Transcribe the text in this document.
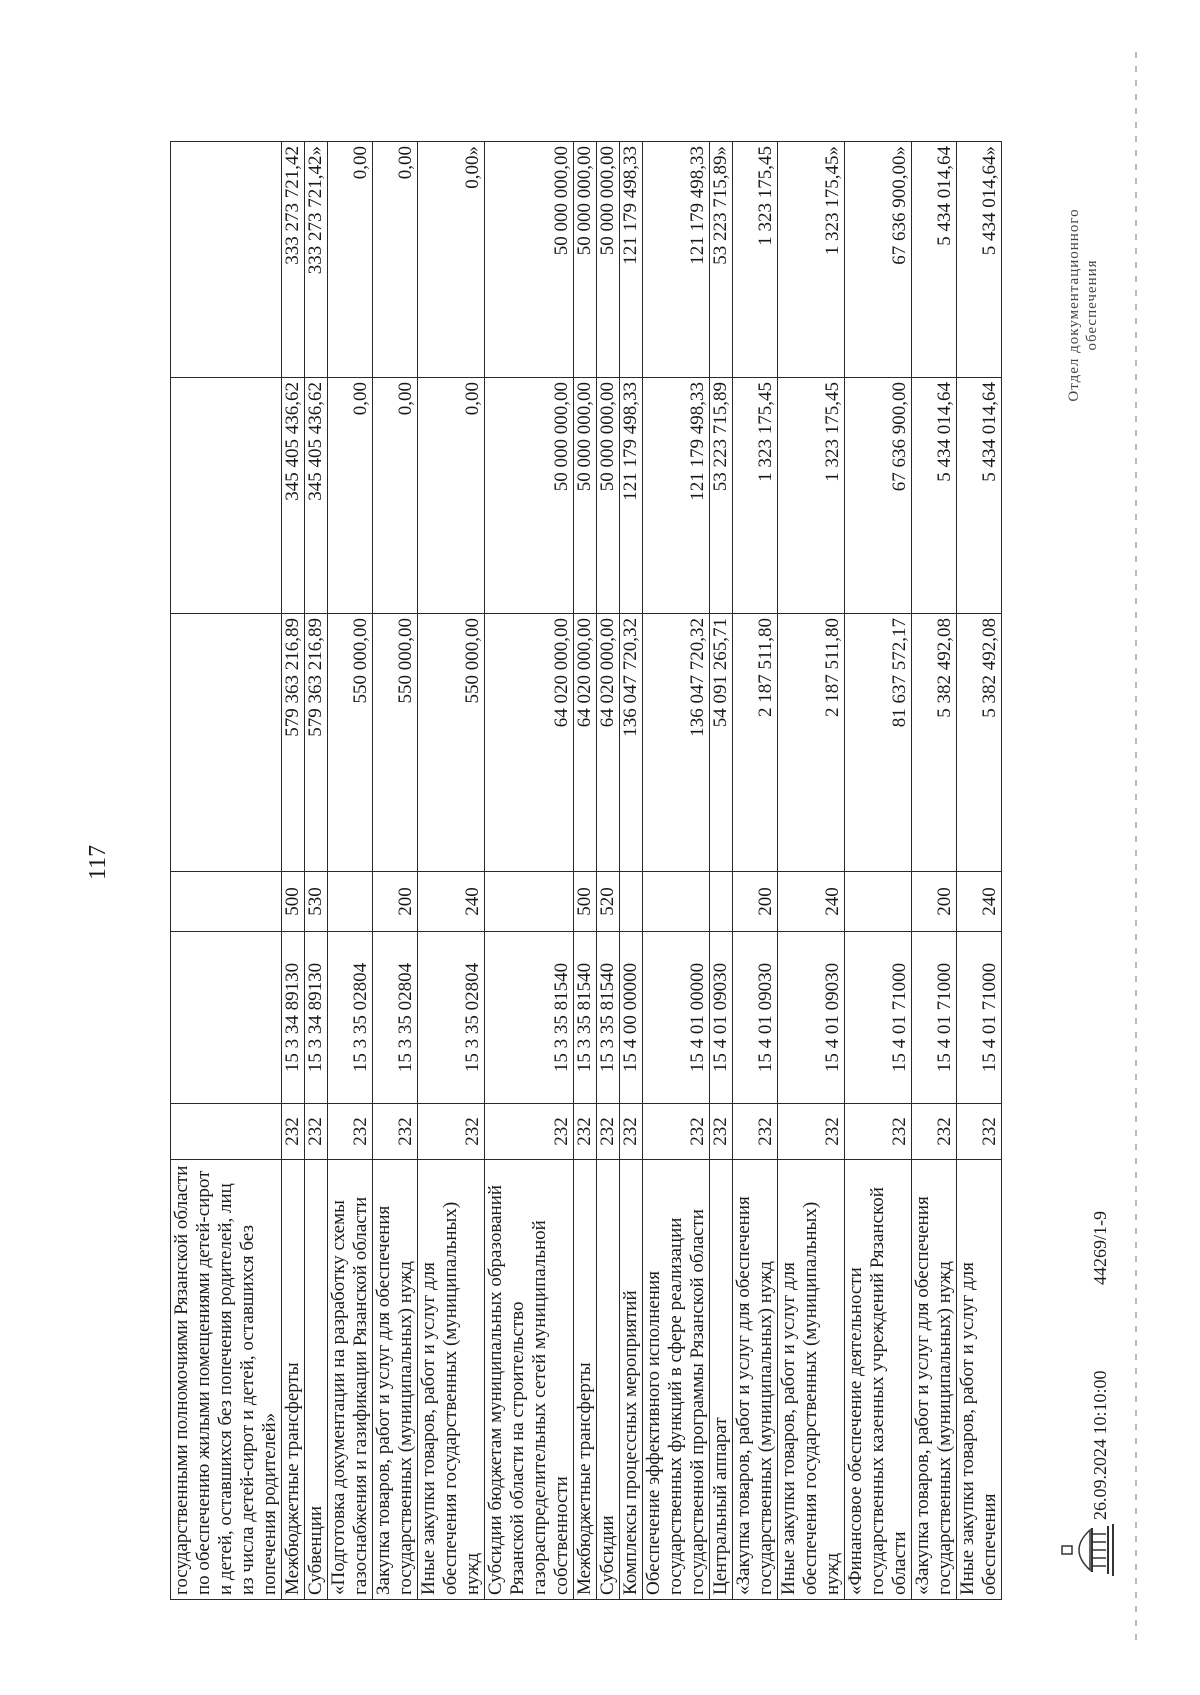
117
государственными полномочиями Рязанской области по обеспечению жилыми помещениями детей-сирот и детей, оставшихся без попечения родителей, лиц из числа детей-сирот и детей, оставшихся без попечения родителей»						
Межбюджетные трансферты	232	15 3 34 89130	500	579 363 216,89	345 405 436,62	333 273 721,42
Субвенции	232	15 3 34 89130	530	579 363 216,89	345 405 436,62	333 273 721,42»
«Подготовка документации на разработку схемы газоснабжения и газификации Рязанской области	232	15 3 35 02804		550 000,00	0,00	0,00
Закупка товаров, работ и услуг для обеспечения государственных (муниципальных) нужд	232	15 3 35 02804	200	550 000,00	0,00	0,00
Иные закупки товаров, работ и услуг для обеспечения государственных (муниципальных) нужд	232	15 3 35 02804	240	550 000,00	0,00	0,00»
Субсидии бюджетам муниципальных образований Рязанской области на строительство газораспределительных сетей муниципальной собственности	232	15 3 35 81540		64 020 000,00	50 000 000,00	50 000 000,00
Межбюджетные трансферты	232	15 3 35 81540	500	64 020 000,00	50 000 000,00	50 000 000,00
Субсидии	232	15 3 35 81540	520	64 020 000,00	50 000 000,00	50 000 000,00
Комплексы процессных мероприятий	232	15 4 00 00000		136 047 720,32	121 179 498,33	121 179 498,33
Обеспечение эффективного исполнения государственных функций в сфере реализации государственной программы Рязанской области	232	15 4 01 00000		136 047 720,32	121 179 498,33	121 179 498,33
Центральный аппарат	232	15 4 01 09030		54 091 265,71	53 223 715,89	53 223 715,89»
«Закупка товаров, работ и услуг для обеспечения государственных (муниципальных) нужд	232	15 4 01 09030	200	2 187 511,80	1 323 175,45	1 323 175,45
Иные закупки товаров, работ и услуг для обеспечения государственных (муниципальных) нужд	232	15 4 01 09030	240	2 187 511,80	1 323 175,45	1 323 175,45»
«Финансовое обеспечение деятельности государственных казенных учреждений Рязанской области	232	15 4 01 71000		81 637 572,17	67 636 900,00	67 636 900,00»
«Закупка товаров, работ и услуг для обеспечения государственных (муниципальных) нужд	232	15 4 01 71000	200	5 382 492,08	5 434 014,64	5 434 014,64
Иные закупки товаров, работ и услуг для обеспечения	232	15 4 01 71000	240	5 382 492,08	5 434 014,64	5 434 014,64»
26.09.2024 10:10:00
44269/1-9
Отдел документационного обеспечения
